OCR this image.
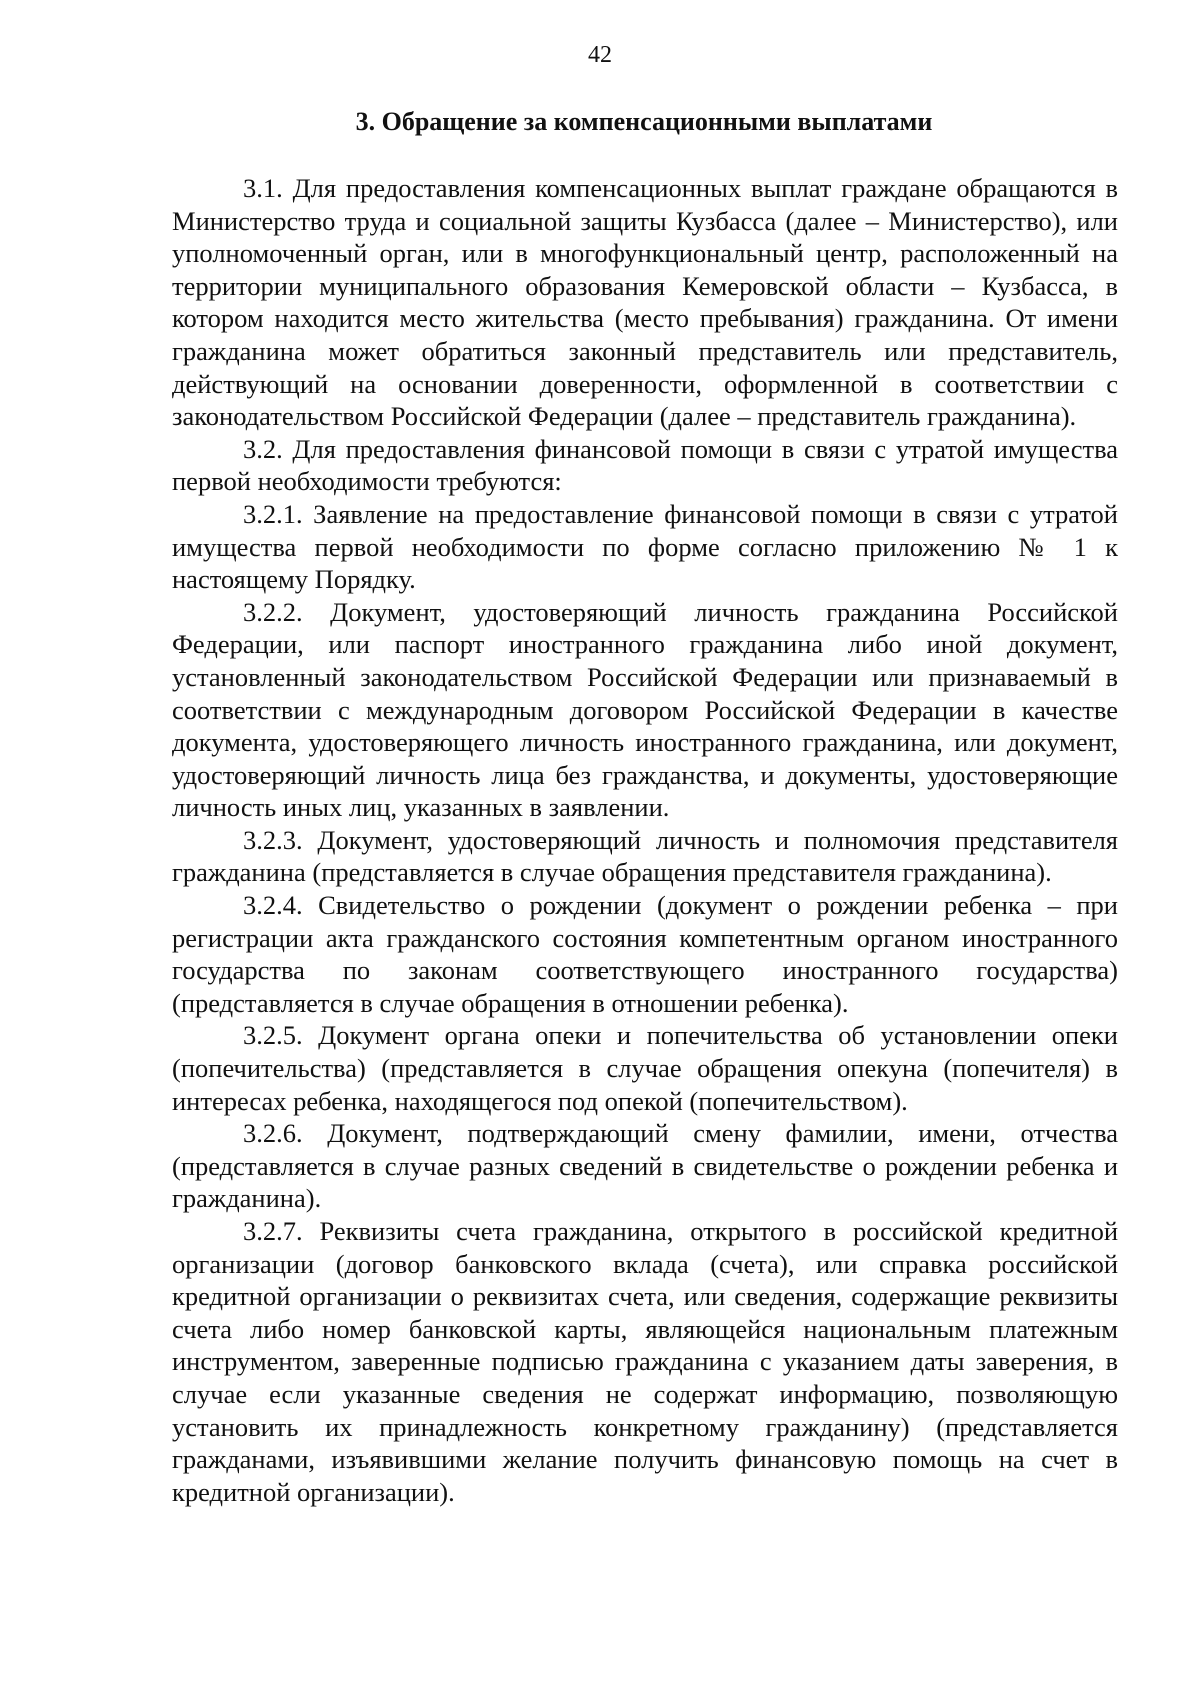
42
3. Обращение за компенсационными выплатами

3.1. Для предоставления компенсационных выплат граждане обращаются в Министерство труда и социальной защиты Кузбасса (далее – Министерство), или уполномоченный орган, или в многофункциональный центр, расположенный на территории муниципального образования Кемеровской области – Кузбасса, в котором находится место жительства (место пребывания) гражданина. От имени гражданина может обратиться законный представитель или представитель, действующий на основании доверенности, оформленной в соответствии с законодательством Российской Федерации (далее – представитель гражданина).

3.2. Для предоставления финансовой помощи в связи с утратой имущества первой необходимости требуются:

3.2.1. Заявление на предоставление финансовой помощи в связи с утратой имущества первой необходимости по форме согласно приложению № 1 к настоящему Порядку.

3.2.2. Документ, удостоверяющий личность гражданина Российской Федерации, или паспорт иностранного гражданина либо иной документ, установленный законодательством Российской Федерации или признаваемый в соответствии с международным договором Российской Федерации в качестве документа, удостоверяющего личность иностранного гражданина, или документ, удостоверяющий личность лица без гражданства, и документы, удостоверяющие личность иных лиц, указанных в заявлении.

3.2.3. Документ, удостоверяющий личность и полномочия представителя гражданина (представляется в случае обращения представителя гражданина).

3.2.4. Свидетельство о рождении (документ о рождении ребенка – при регистрации акта гражданского состояния компетентным органом иностранного государства по законам соответствующего иностранного государства) (представляется в случае обращения в отношении ребенка).

3.2.5. Документ органа опеки и попечительства об установлении опеки (попечительства) (представляется в случае обращения опекуна (попечителя) в интересах ребенка, находящегося под опекой (попечительством).

3.2.6. Документ, подтверждающий смену фамилии, имени, отчества (представляется в случае разных сведений в свидетельстве о рождении ребенка и гражданина).

3.2.7. Реквизиты счета гражданина, открытого в российской кредитной организации (договор банковского вклада (счета), или справка российской кредитной организации о реквизитах счета, или сведения, содержащие реквизиты счета либо номер банковской карты, являющейся национальным платежным инструментом, заверенные подписью гражданина с указанием даты заверения, в случае если указанные сведения не содержат информацию, позволяющую установить их принадлежность конкретному гражданину) (представляется гражданами, изъявившими желание получить финансовую помощь на счет в кредитной организации).
